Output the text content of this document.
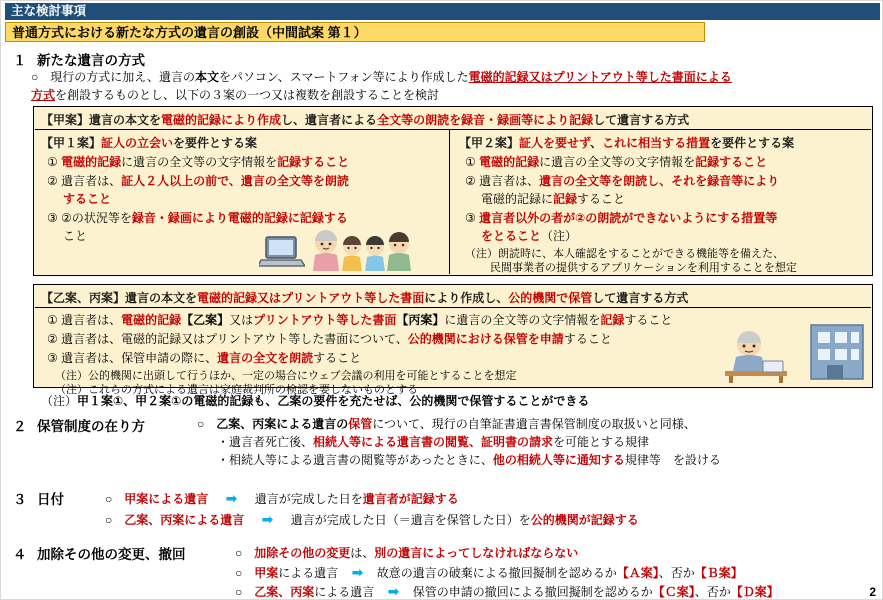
主な検討事項
普通方式における新たな方式の遺言の創設（中間試案 第１）
１ 新たな遺言の方式
○　現行の方式に加え、遺言の本文をパソコン、スマートフォン等により作成した電磁的記録又はプリントアウト等した書面による
方式を創設するものとし、以下の３案の一つ又は複数を創設することを検討
【甲案】遺言の本文を電磁的記録により作成し、遺言者による全文等の朗読を録音・録画等により記録して遺言する方式
【甲１案】証人の立会いを要件とする案
① 電磁的記録に遺言の全文等の文字情報を記録すること
② 遺言者は、証人２人以上の前で、遺言の全文等を朗読
すること
③ ②の状況等を録音・録画により電磁的記録に記録する
こと
【甲２案】証人を要せず、これに相当する措置を要件とする案
① 電磁的記録に遺言の全文等の文字情報を記録すること
② 遺言者は、遺言の全文等を朗読し、それを録音等により
電磁的記録に記録すること
③ 遺言者以外の者が②の朗読ができないようにする措置等
をとること（注）
（注）朗読時に、本人確認をすることができる機能等を備えた、
民間事業者の提供するアプリケーションを利用することを想定
【乙案、丙案】遺言の本文を電磁的記録又はプリントアウト等した書面により作成し、公的機関で保管して遺言する方式
① 遺言者は、電磁的記録【乙案】又はプリントアウト等した書面【丙案】に遺言の全文等の文字情報を記録すること
② 遺言者は、電磁的記録又はプリントアウト等した書面について、公的機関における保管を申請すること
③ 遺言者は、保管申請の際に、遺言の全文を朗読すること
（注）公的機関に出頭して行うほか、一定の場合にウェブ会議の利用を可能とすることを想定
（注）これらの方式による遺言は家庭裁判所の検認を要しないものとする
（注）甲１案①、甲２案①の電磁的記録も、乙案の要件を充たせば、公的機関で保管することができる
２ 保管制度の在り方	○　乙案、丙案による遺言の保管について、現行の自筆証書遺言書保管制度の取扱いと同様、
・遺言者死亡後、相続人等による遺言書の閲覧、証明書の請求を可能とする規律
・相続人等による遺言書の閲覧等があったときに、他の相続人等に通知する規律等　を設ける
３ 日付	○　甲案による遺言 ➡ 遺言が完成した日を遺言者が記録する
○　乙案、丙案による遺言 ➡ 遺言が完成した日（＝遺言を保管した日）を公的機関が記録する
４ 加除その他の変更、撤回	○　加除その他の変更は、別の遺言によってしなければならない
○　甲案による遺言 ➡ 故意の遺言の破棄による撤回擬制を認めるか【Ａ案】、否か【Ｂ案】
○　乙案、丙案による遺言 ➡ 保管の申請の撤回による撤回擬制を認めるか【Ｃ案】、否か【Ｄ案】	2
